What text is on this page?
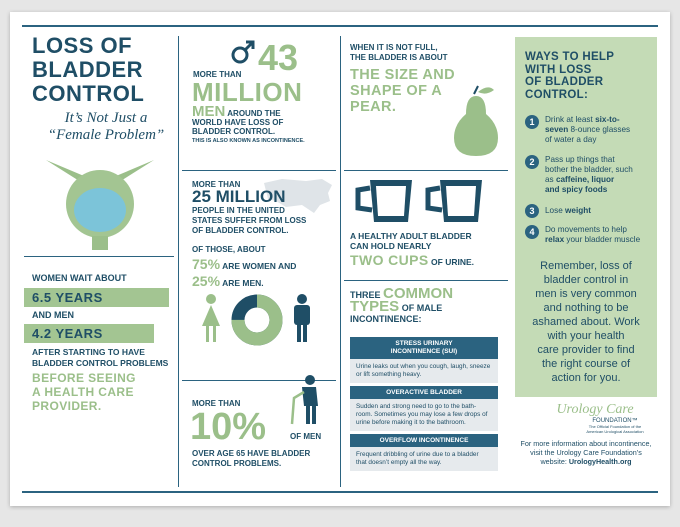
LOSS OF
BLADDER
CONTROL
It’s Not Just a
“Female Problem”
WOMEN WAIT ABOUT
6.5 YEARS
AND MEN
4.2 YEARS
AFTER STARTING TO HAVE
BLADDER CONTROL PROBLEMS
BEFORE SEEING
A HEALTH CARE
PROVIDER.
MORE THAN 43
MILLION
MEN AROUND THE
WORLD HAVE LOSS OF
BLADDER CONTROL.
THIS IS ALSO KNOWN AS INCONTINENCE.
MORE THAN
25 MILLION
PEOPLE IN THE UNITED
STATES SUFFER FROM LOSS
OF BLADDER CONTROL.
OF THOSE, ABOUT
75% ARE WOMEN AND
25% ARE MEN.
MORE THAN
10%	OF MEN
OVER AGE 65 HAVE BLADDER
CONTROL PROBLEMS.
WHEN IT IS NOT FULL,
THE BLADDER IS ABOUT
THE SIZE AND
SHAPE OF A
PEAR.
A HEALTHY ADULT BLADDER
CAN HOLD NEARLY
TWO CUPS OF URINE.
THREE COMMON
TYPES OF MALE
INCONTINENCE:
STRESS URINARY
INCONTINENCE (SUI)
Urine leaks out when you cough, laugh, sneeze
or lift something heavy.
OVERACTIVE BLADDER
Sudden and strong need to go to the bath-
room. Sometimes you may lose a few drops of
urine before making it to the bathroom.
OVERFLOW INCONTINENCE
Frequent dribbling of urine due to a bladder
that doesn’t empty all the way.
WAYS TO HELP
WITH LOSS
OF BLADDER
CONTROL:
1	Drink at least six-to-
seven 8-ounce glasses
of water a day
2	Pass up things that
bother the bladder, such
as caffeine, liquor
and spicy foods
3	Lose weight
4	Do movements to help
relax your bladder muscle
Remember, loss of
bladder control in
men is very common
and nothing to be
ashamed about. Work
with your health
care provider to find
the right course of
action for you.
Urology Care
FOUNDATION™
The Official Foundation of the
American Urological Association
For more information about incontinence,
visit the Urology Care Foundation’s
website: UrologyHealth.org
